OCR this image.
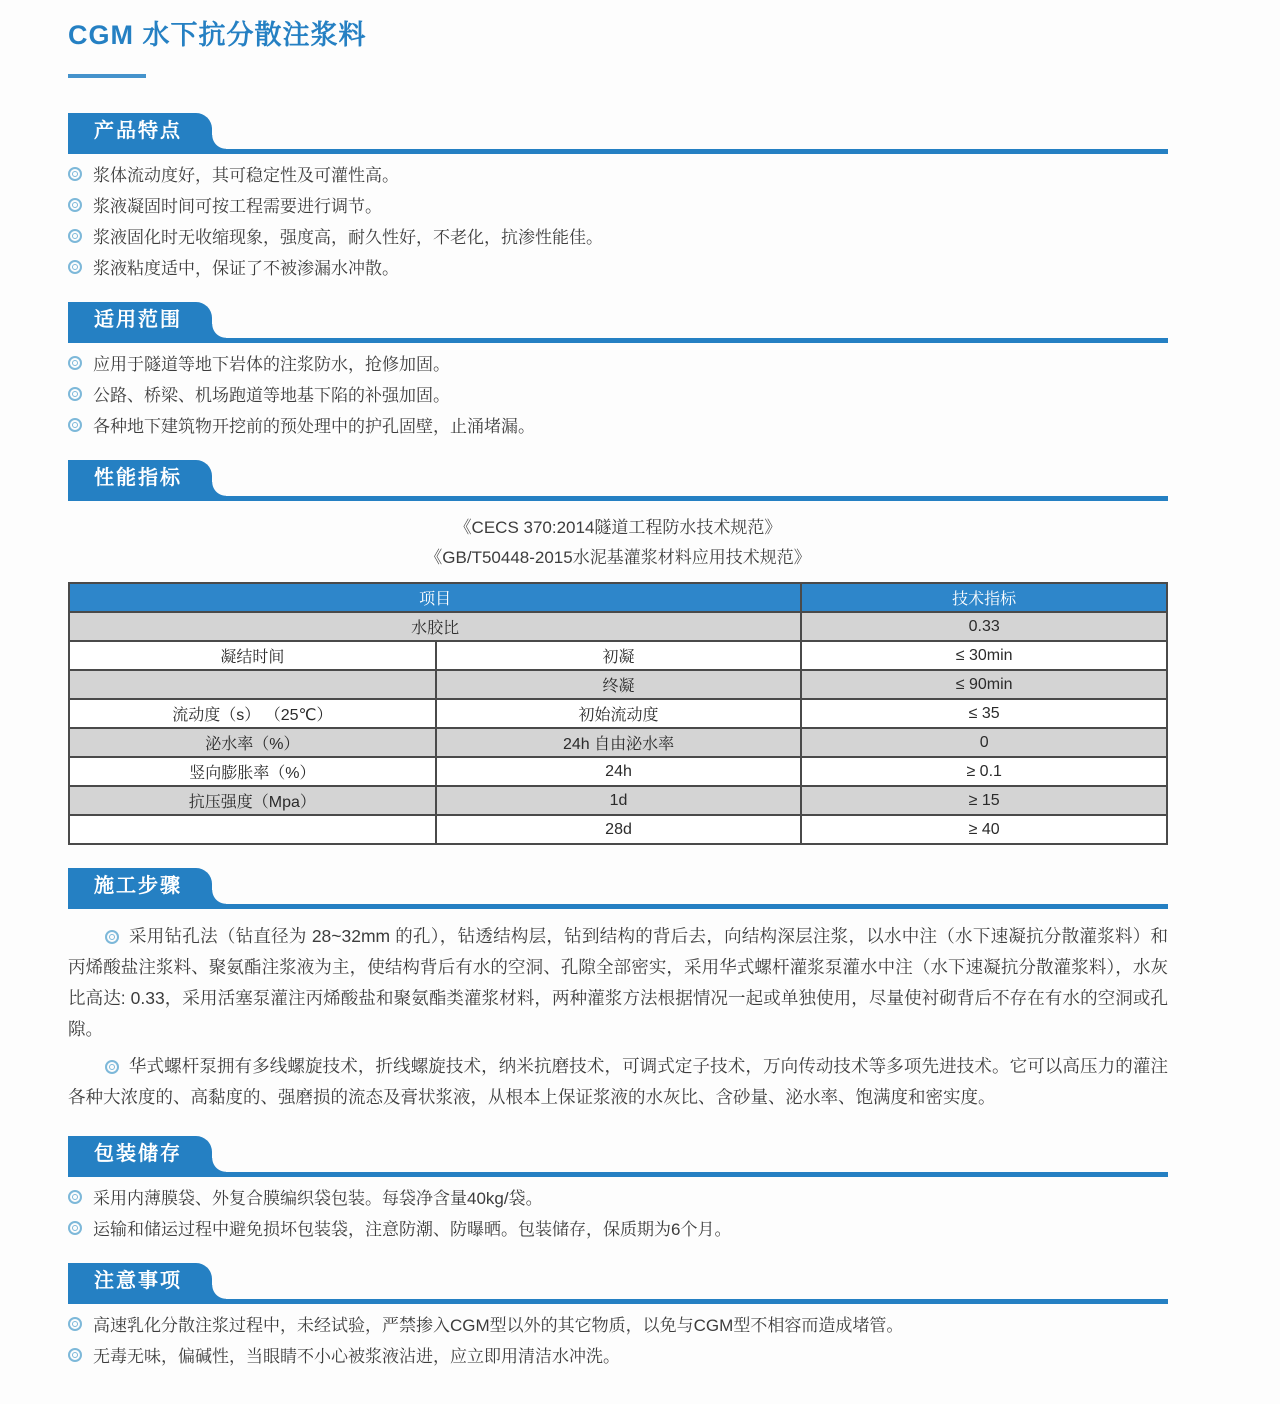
CGM 水下抗分散注浆料
产品特点
浆体流动度好，其可稳定性及可灌性高。
浆液凝固时间可按工程需要进行调节。
浆液固化时无收缩现象，强度高，耐久性好，不老化，抗渗性能佳。
浆液粘度适中，保证了不被渗漏水冲散。
适用范围
应用于隧道等地下岩体的注浆防水，抢修加固。
公路、桥梁、机场跑道等地基下陷的补强加固。
各种地下建筑物开挖前的预处理中的护孔固壁，止涌堵漏。
性能指标
《CECS 370:2014隧道工程防水技术规范》
《GB/T50448-2015水泥基灌浆材料应用技术规范》
项目		技术指标
水胶比		0.33
凝结时间	初凝	≤ 30min
	终凝	≤ 90min
流动度（s） （25℃）	初始流动度	≤ 35
泌水率（%）	24h 自由泌水率	0
竖向膨胀率（%）	24h	≥ 0.1
抗压强度（Mpa）	1d	≥ 15
	28d	≥ 40
施工步骤

采用钻孔法（钻直径为 28~32mm 的孔），钻透结构层，钻到结构的背后去，向结构深层注浆，以水中注（水下速凝抗分散灌浆料）和丙烯酸盐注浆料、聚氨酯注浆液为主，使结构背后有水的空洞、孔隙全部密实，采用华式螺杆灌浆泵灌水中注（水下速凝抗分散灌浆料），水灰比高达: 0.33，采用活塞泵灌注丙烯酸盐和聚氨酯类灌浆材料，两种灌浆方法根据情况一起或单独使用，尽量使衬砌背后不存在有水的空洞或孔隙。

华式螺杆泵拥有多线螺旋技术，折线螺旋技术，纳米抗磨技术，可调式定子技术，万向传动技术等多项先进技术。它可以高压力的灌注各种大浓度的、高黏度的、强磨损的流态及膏状浆液，从根本上保证浆液的水灰比、含砂量、泌水率、饱满度和密实度。

包装储存
采用内薄膜袋、外复合膜编织袋包装。每袋净含量40kg/袋。
运输和储运过程中避免损坏包装袋，注意防潮、防曝晒。包装储存，保质期为6个月。
注意事项
高速乳化分散注浆过程中，未经试验，严禁掺入CGM型以外的其它物质，以免与CGM型不相容而造成堵管。
无毒无味，偏碱性，当眼睛不小心被浆液沾进，应立即用清洁水冲洗。
